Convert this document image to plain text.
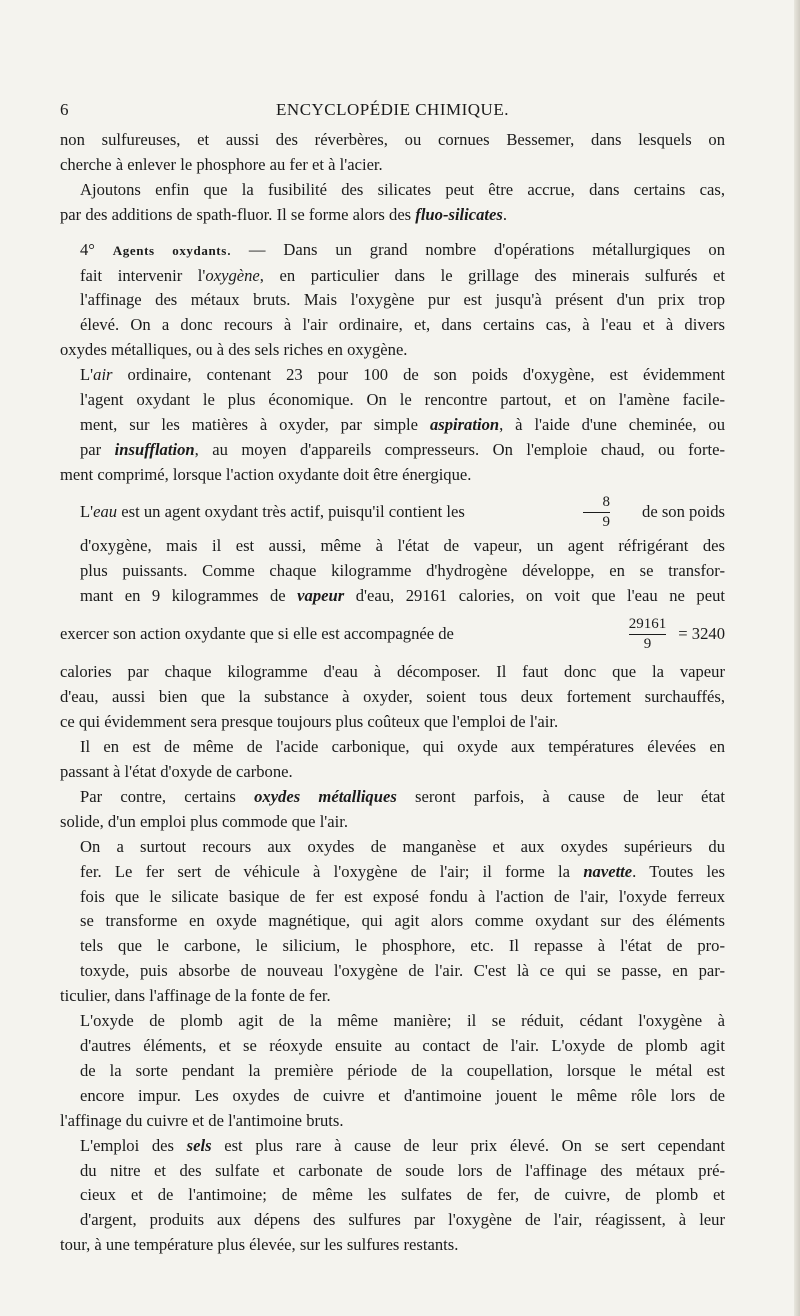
6	ENCYCLOPÉDIE CHIMIQUE.

non sulfureuses, et aussi des réverbères, ou cornues Bessemer, dans lesquels on
cherche à enlever le phosphore au fer et à l'acier.

Ajoutons enfin que la fusibilité des silicates peut être accrue, dans certains cas,
par des additions de spath-fluor. Il se forme alors des fluo-silicates.

4° Agents oxydants. — Dans un grand nombre d'opérations métallurgiques on
fait intervenir l'oxygène, en particulier dans le grillage des minerais sulfurés et
l'affinage des métaux bruts. Mais l'oxygène pur est jusqu'à présent d'un prix trop
élevé. On a donc recours à l'air ordinaire, et, dans certains cas, à l'eau et à divers
oxydes métalliques, ou à des sels riches en oxygène.

L'air ordinaire, contenant 23 pour 100 de son poids d'oxygène, est évidemment
l'agent oxydant le plus économique. On le rencontre partout, et on l'amène facile-
ment, sur les matières à oxyder, par simple aspiration, à l'aide d'une cheminée, ou
par insufflation, au moyen d'appareils compresseurs. On l'emploie chaud, ou forte-
ment comprimé, lorsque l'action oxydante doit être énergique.

L'eau est un agent oxydant très actif, puisqu'il contient les	$\frac{8}{9}$	de son poids
d'oxygène, mais il est aussi, même à l'état de vapeur, un agent réfrigérant des
plus puissants. Comme chaque kilogramme d'hydrogène développe, en se transfor-
mant en 9 kilogrammes de vapeur d'eau, 29161 calories, on voit que l'eau ne peut
exercer son action oxydante que si elle est accompagnée de	$\frac{29161}{9} = 3240$
calories par chaque kilogramme d'eau à décomposer. Il faut donc que la vapeur
d'eau, aussi bien que la substance à oxyder, soient tous deux fortement surchauffés,
ce qui évidemment sera presque toujours plus coûteux que l'emploi de l'air.

Il en est de même de l'acide carbonique, qui oxyde aux températures élevées en
passant à l'état d'oxyde de carbone.

Par contre, certains oxydes métalliques seront parfois, à cause de leur état
solide, d'un emploi plus commode que l'air.

On a surtout recours aux oxydes de manganèse et aux oxydes supérieurs du
fer. Le fer sert de véhicule à l'oxygène de l'air; il forme la navette. Toutes les
fois que le silicate basique de fer est exposé fondu à l'action de l'air, l'oxyde ferreux
se transforme en oxyde magnétique, qui agit alors comme oxydant sur des éléments
tels que le carbone, le silicium, le phosphore, etc. Il repasse à l'état de pro-
toxyde, puis absorbe de nouveau l'oxygène de l'air. C'est là ce qui se passe, en par-
ticulier, dans l'affinage de la fonte de fer.

L'oxyde de plomb agit de la même manière; il se réduit, cédant l'oxygène à
d'autres éléments, et se réoxyde ensuite au contact de l'air. L'oxyde de plomb agit
de la sorte pendant la première période de la coupellation, lorsque le métal est
encore impur. Les oxydes de cuivre et d'antimoine jouent le même rôle lors de
l'affinage du cuivre et de l'antimoine bruts.

L'emploi des sels est plus rare à cause de leur prix élevé. On se sert cependant
du nitre et des sulfate et carbonate de soude lors de l'affinage des métaux pré-
cieux et de l'antimoine; de même les sulfates de fer, de cuivre, de plomb et
d'argent, produits aux dépens des sulfures par l'oxygène de l'air, réagissent, à leur
tour, à une température plus élevée, sur les sulfures restants.
